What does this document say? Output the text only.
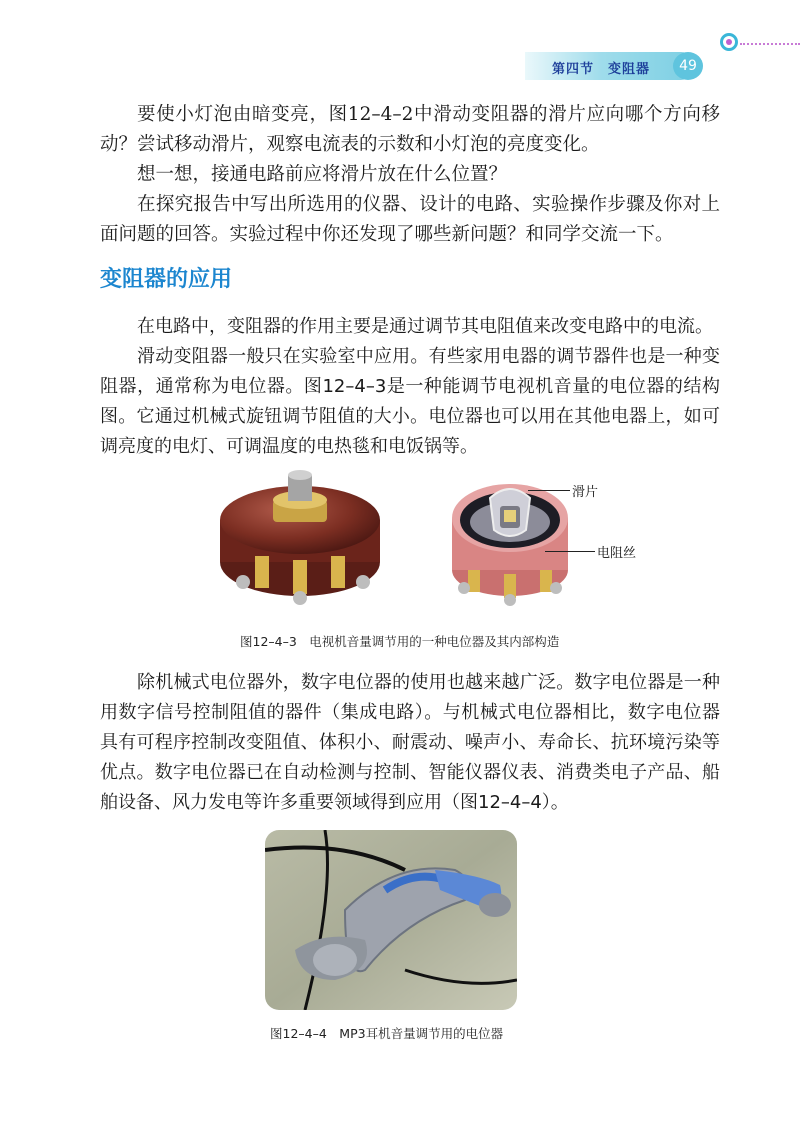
第四节　变阻器	49

要使小灯泡由暗变亮，图12–4–2中滑动变阻器的滑片应向哪个方向移动？尝试移动滑片，观察电流表的示数和小灯泡的亮度变化。

想一想，接通电路前应将滑片放在什么位置？

在探究报告中写出所选用的仪器、设计的电路、实验操作步骤及你对上面问题的回答。实验过程中你还发现了哪些新问题？和同学交流一下。

变阻器的应用

在电路中，变阻器的作用主要是通过调节其电阻值来改变电路中的电流。

滑动变阻器一般只在实验室中应用。有些家用电器的调节器件也是一种变阻器，通常称为电位器。图12–4–3是一种能调节电视机音量的电位器的结构图。它通过机械式旋钮调节阻值的大小。电位器也可以用在其他电器上，如可调亮度的电灯、可调温度的电热毯和电饭锅等。

滑片
电阻丝
图12–4–3　电视机音量调节用的一种电位器及其内部构造

除机械式电位器外，数字电位器的使用也越来越广泛。数字电位器是一种用数字信号控制阻值的器件（集成电路）。与机械式电位器相比，数字电位器具有可程序控制改变阻值、体积小、耐震动、噪声小、寿命长、抗环境污染等优点。数字电位器已在自动检测与控制、智能仪器仪表、消费类电子产品、船舶设备、风力发电等许多重要领域得到应用（图12–4–4）。

图12–4–4　MP3耳机音量调节用的电位器
